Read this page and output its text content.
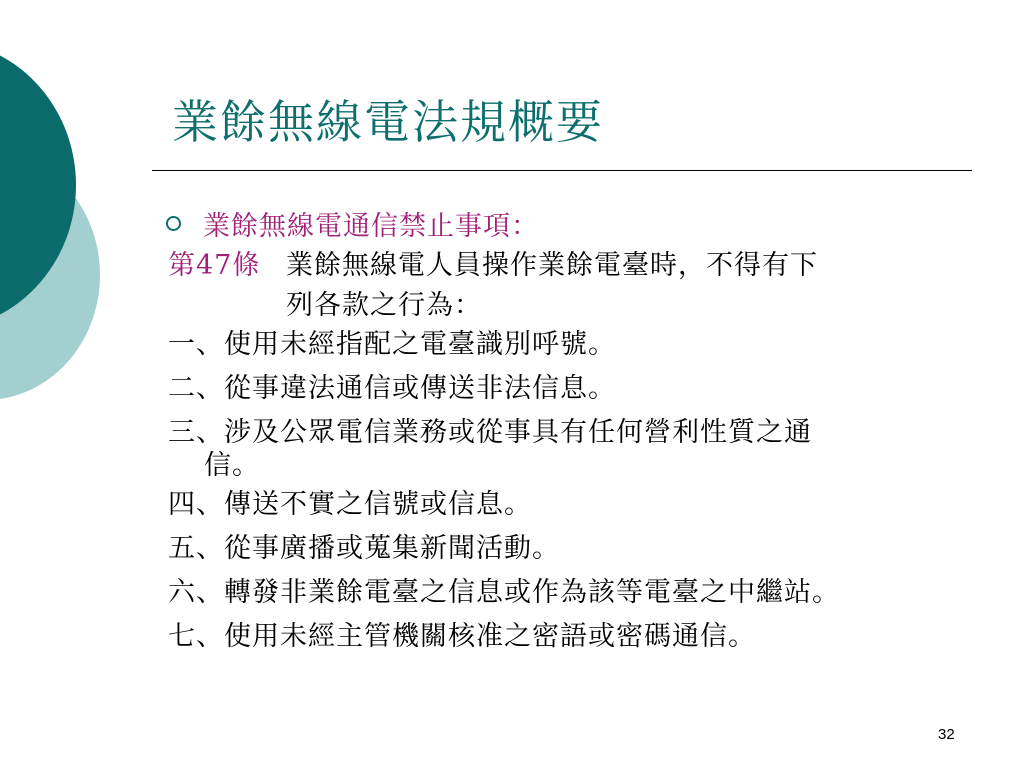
業餘無線電法規概要
業餘無線電通信禁止事項：
第47條 業餘無線電人員操作業餘電臺時，不得有下
列各款之行為：
一、使用未經指配之電臺識別呼號。
二、從事違法通信或傳送非法信息。
三、涉及公眾電信業務或從事具有任何營利性質之通
信。
四、傳送不實之信號或信息。
五、從事廣播或蒐集新聞活動。
六、轉發非業餘電臺之信息或作為該等電臺之中繼站。
七、使用未經主管機關核准之密語或密碼通信。
32
